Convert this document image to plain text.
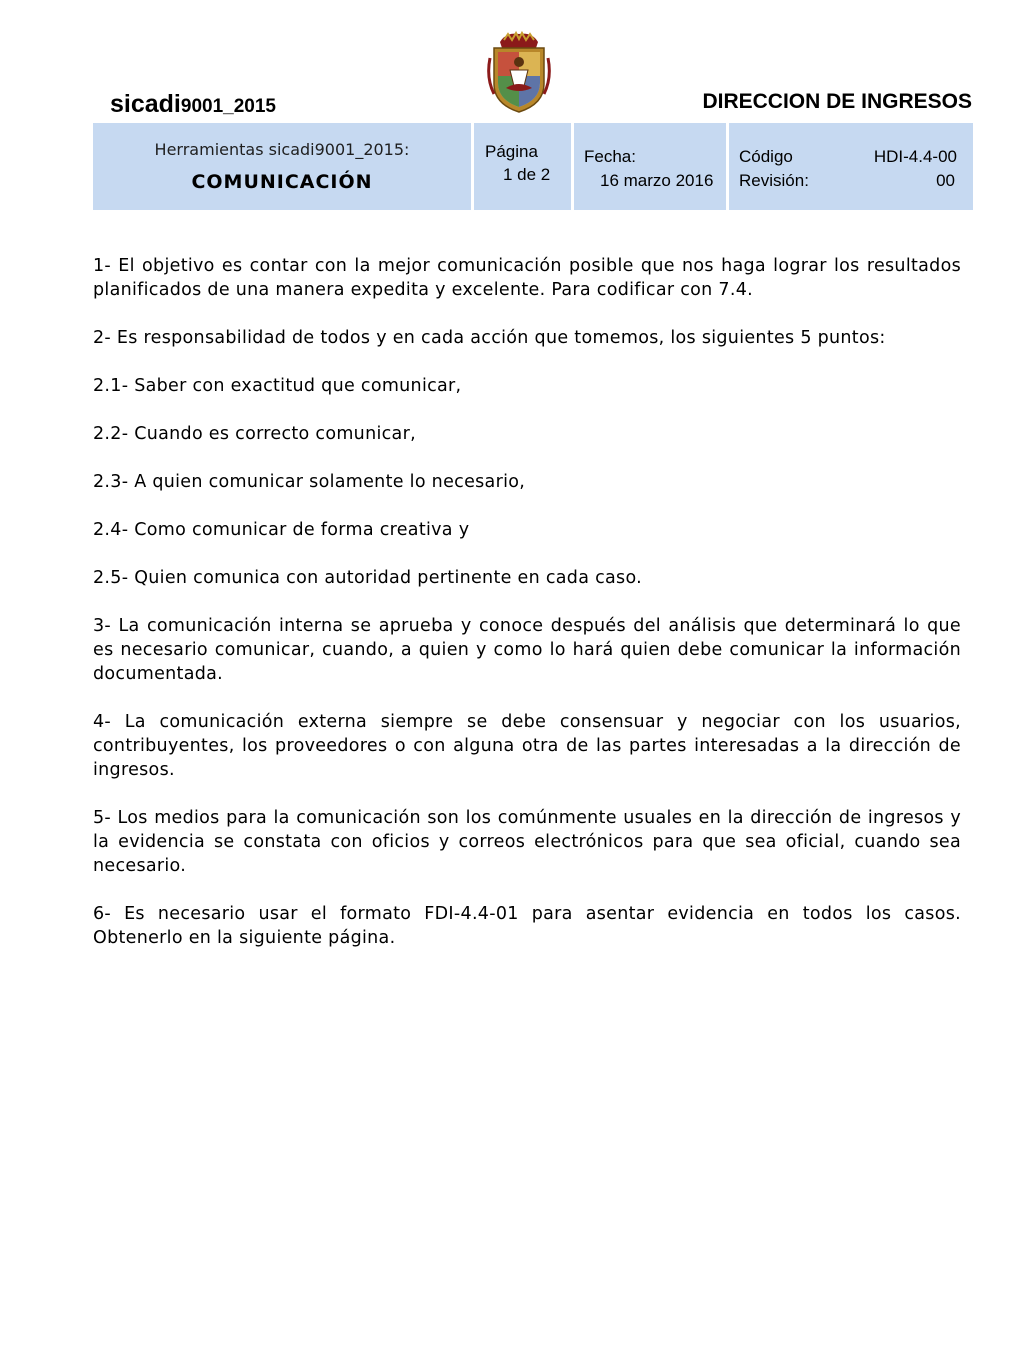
sicadi9001_2015	DIRECCION DE INGRESOS
Herramientas sicadi9001_2015:
COMUNICACIÓN
Página
1 de 2
Fecha:
16 marzo 2016
Código	HDI-4.4-00
Revisión:	00

1- El objetivo es contar con la mejor comunicación posible que nos haga lograr los resultados planificados de una manera expedita y excelente. Para codificar con 7.4.

2- Es responsabilidad de todos y en cada acción que tomemos, los siguientes 5 puntos:

2.1- Saber con exactitud que comunicar,

2.2- Cuando es correcto comunicar,

2.3- A quien comunicar solamente lo necesario,

2.4- Como comunicar de forma creativa y

2.5- Quien comunica con autoridad pertinente en cada caso.

3- La comunicación interna se aprueba y conoce después del análisis que determinará lo que es necesario comunicar, cuando, a quien y como lo hará quien debe comunicar la información documentada.

4- La comunicación externa siempre se debe consensuar y negociar con los usuarios, contribuyentes, los proveedores o con alguna otra de las partes interesadas a la dirección de ingresos.

5- Los medios para la comunicación son los comúnmente usuales en la dirección de ingresos y la evidencia se constata con oficios y correos electrónicos para que sea oficial, cuando sea necesario.

6- Es necesario usar el formato FDI-4.4-01 para asentar evidencia en todos los casos. Obtenerlo en la siguiente página.
